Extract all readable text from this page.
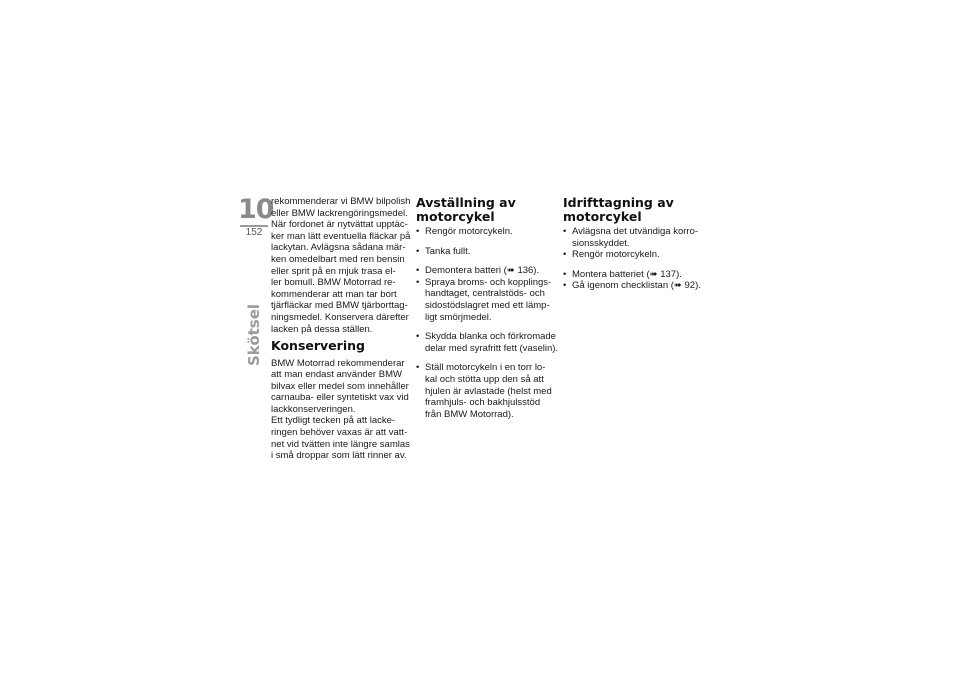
10
152
Skötsel
rekommenderar vi BMW bilpolish
eller BMW lackrengöringsmedel.
När fordonet är nytvättat upptäc-
ker man lätt eventuella fläckar på
lackytan. Avlägsna sådana mär-
ken omedelbart med ren bensin
eller sprit på en mjuk trasa el-
ler bomull. BMW Motorrad re-
kommenderar att man tar bort
tjärfläckar med BMW tjärborttag-
ningsmedel. Konservera därefter
lacken på dessa ställen.
Konservering
BMW Motorrad rekommenderar
att man endast använder BMW
bilvax eller medel som innehåller
carnauba- eller syntetiskt vax vid
lackkonserveringen.
Ett tydligt tecken på att lacke-
ringen behöver vaxas är att vatt-
net vid tvätten inte längre samlas
i små droppar som lätt rinner av.
Avställning av
motorcykel
• Rengör motorcykeln.
• Tanka fullt.
• Demontera batteri (➠ 136).
• Spraya broms- och kopplings-
handtaget, centralstöds- och
sidostödslagret med ett lämp-
ligt smörjmedel.
• Skydda blanka och förkromade
delar med syrafritt fett (vaselin).
• Ställ motorcykeln i en torr lo-
kal och stötta upp den så att
hjulen är avlastade (helst med
framhjuls- och bakhjulsstöd
från BMW Motorrad).
Idrifttagning av
motorcykel
• Avlägsna det utvändiga korro-
sionsskyddet.
• Rengör motorcykeln.
• Montera batteriet (➠ 137).
• Gå igenom checklistan (➠ 92).
